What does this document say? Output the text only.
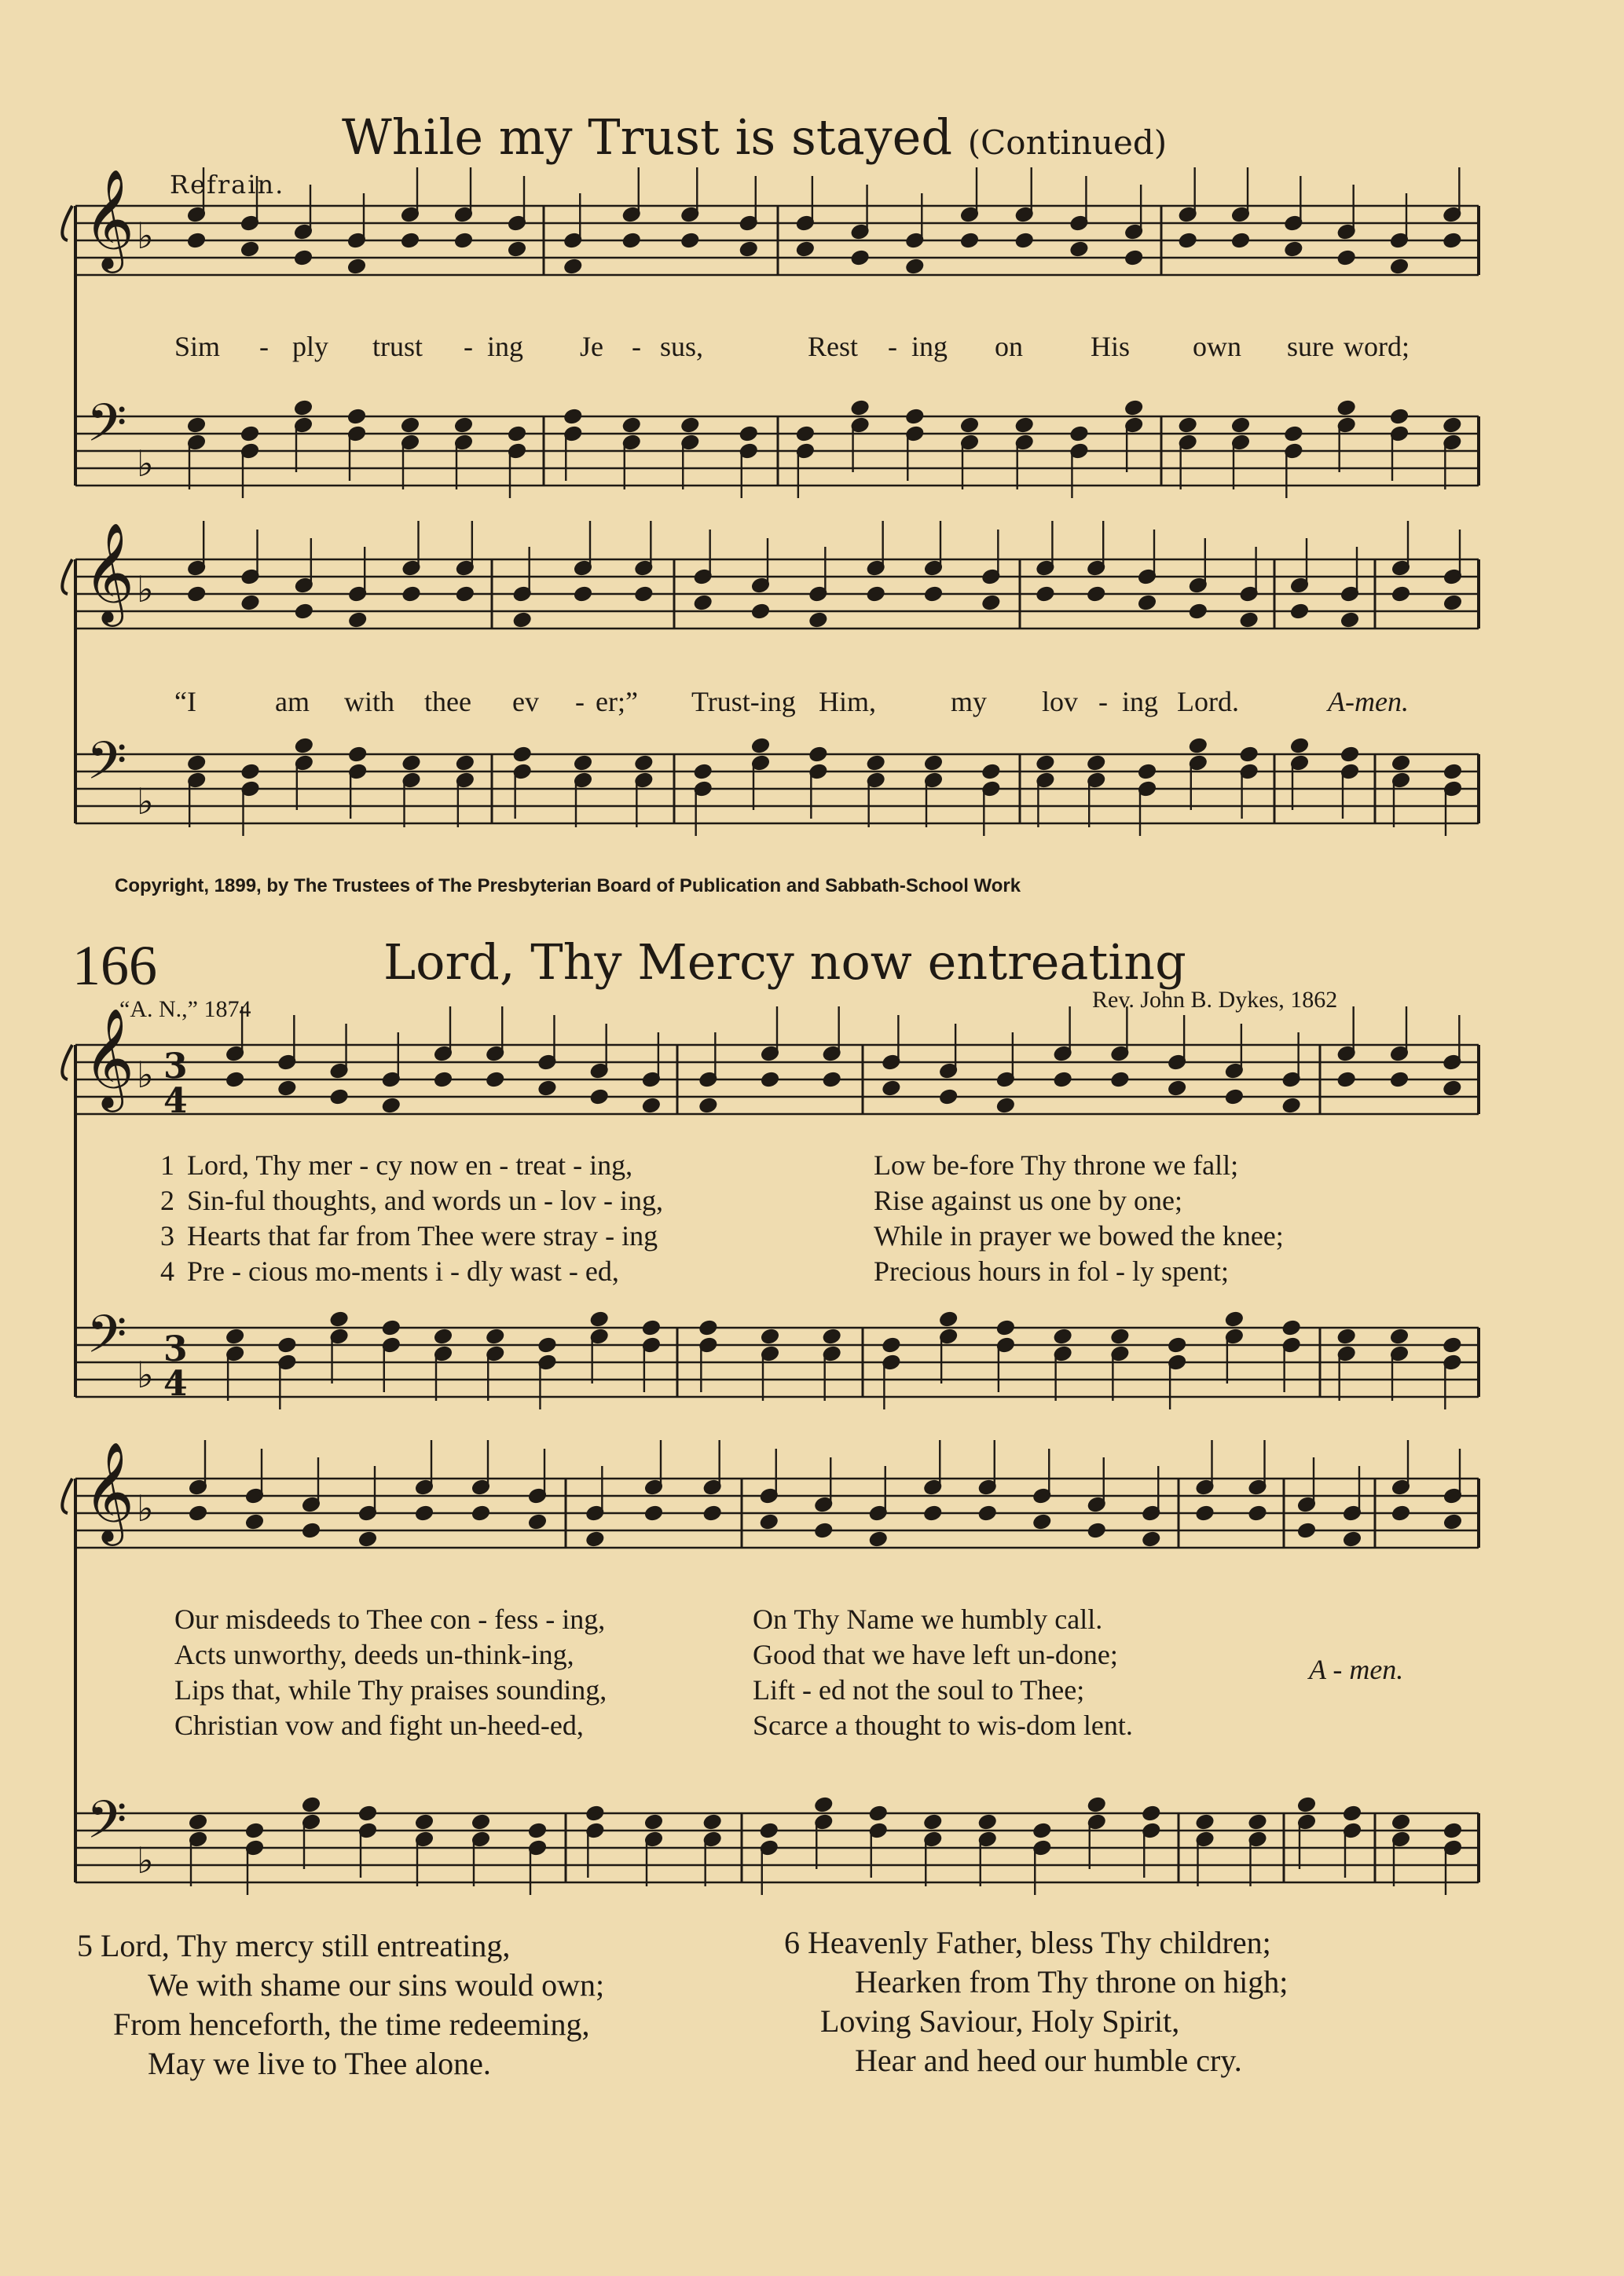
𝄞
𝄢
♭
♭
𝄞
𝄢
♭
♭
𝄞
𝄢
♭
♭
3
4
3
4
𝄞
𝄢
♭
♭
While my Trust is stayed (Continued)
Refrain.
Sim - ply trust - ing Je - sus,	Rest - ing on His own sure word;
“I	am with thee ev - er;” Trust-ing Him,	my lov - ing Lord.	A-men.
Copyright, 1899, by The Trustees of The Presbyterian Board of Publication and Sabbath-School Work
166	Lord, Thy Mercy now entreating
“A. N.,” 1874	Rev. John B. Dykes, 1862
1 Lord, Thy mer - cy now en - treat - ing,
2 Sin-ful thoughts, and words un - lov - ing,
3 Hearts that far from Thee were stray - ing
4 Pre - cious mo-ments i - dly wast - ed,
Low be-fore Thy throne we fall;
Rise against us one by one;
While in prayer we bowed the knee;
Precious hours in fol - ly spent;
Our misdeeds to Thee con - fess - ing,
Acts unworthy, deeds un-think-ing,
Lips that, while Thy praises sounding,
Christian vow and fight un-heed-ed,
On Thy Name we humbly call.
Good that we have left un-done;
Lift - ed not the soul to Thee;
Scarce a thought to wis-dom lent.
A - men.
5 Lord, Thy mercy still entreating,
We with shame our sins would own;
From henceforth, the time redeeming,
May we live to Thee alone.
6 Heavenly Father, bless Thy children;
Hearken from Thy throne on high;
Loving Saviour, Holy Spirit,
Hear and heed our humble cry.
